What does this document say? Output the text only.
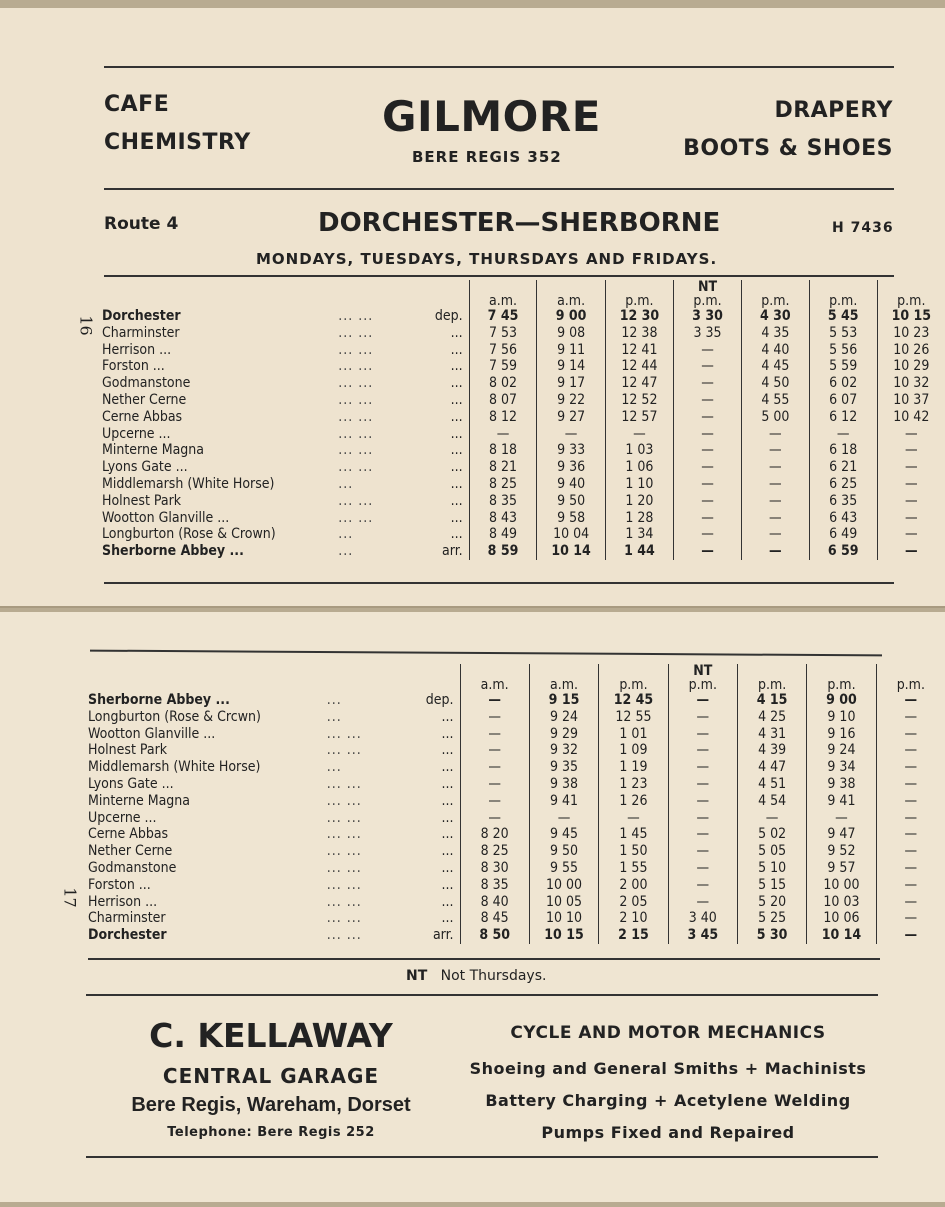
CAFE
CHEMISTRY
GILMORE
BERE REGIS 352
DRAPERY
BOOTS & SHOES
Route 4	DORCHESTER—SHERBORNE	H 7436
MONDAYS, TUESDAYS, THURSDAYS AND FRIDAYS.
16
						NT			
			a.m.	a.m.	p.m.	p.m.	p.m.	p.m.	p.m.
Dorchester	... ...	dep.	7 45	9 00	12 30	3 30	4 30	5 45	10 15
Charminster	... ...	...	7 53	9 08	12 38	3 35	4 35	5 53	10 23
Herrison ...	... ...	...	7 56	9 11	12 41	—	4 40	5 56	10 26
Forston ...	... ...	...	7 59	9 14	12 44	—	4 45	5 59	10 29
Godmanstone	... ...	...	8 02	9 17	12 47	—	4 50	6 02	10 32
Nether Cerne	... ...	...	8 07	9 22	12 52	—	4 55	6 07	10 37
Cerne Abbas	... ...	...	8 12	9 27	12 57	—	5 00	6 12	10 42
Upcerne ...	... ...	...	—	—	—	—	—	—	—
Minterne Magna	... ...	...	8 18	9 33	1 03	—	—	6 18	—
Lyons Gate ...	... ...	...	8 21	9 36	1 06	—	—	6 21	—
Middlemarsh (White Horse)	...	...	8 25	9 40	1 10	—	—	6 25	—
Holnest Park	... ...	...	8 35	9 50	1 20	—	—	6 35	—
Wootton Glanville ...	... ...	...	8 43	9 58	1 28	—	—	6 43	—
Longburton (Rose & Crown)	...	...	8 49	10 04	1 34	—	—	6 49	—
Sherborne Abbey ...	...	arr.	8 59	10 14	1 44	—	—	6 59	—
17
						NT			
			a.m.	a.m.	p.m.	p.m.	p.m.	p.m.	p.m.
Sherborne Abbey ...	...	dep.	—	9 15	12 45	—	4 15	9 00	—
Longburton (Rose & Crcwn)	...	...	—	9 24	12 55	—	4 25	9 10	—
Wootton Glanville ...	... ...	...	—	9 29	1 01	—	4 31	9 16	—
Holnest Park	... ...	...	—	9 32	1 09	—	4 39	9 24	—
Middlemarsh (White Horse)	...	...	—	9 35	1 19	—	4 47	9 34	—
Lyons Gate ...	... ...	...	—	9 38	1 23	—	4 51	9 38	—
Minterne Magna	... ...	...	—	9 41	1 26	—	4 54	9 41	—
Upcerne ...	... ...	...	—	—	—	—	—	—	—
Cerne Abbas	... ...	...	8 20	9 45	1 45	—	5 02	9 47	—
Nether Cerne	... ...	...	8 25	9 50	1 50	—	5 05	9 52	—
Godmanstone	... ...	...	8 30	9 55	1 55	—	5 10	9 57	—
Forston ...	... ...	...	8 35	10 00	2 00	—	5 15	10 00	—
Herrison ...	... ...	...	8 40	10 05	2 05	—	5 20	10 03	—
Charminster	... ...	...	8 45	10 10	2 10	3 40	5 25	10 06	—
Dorchester	... ...	arr.	8 50	10 15	2 15	3 45	5 30	10 14	—
NT Not Thursdays.
C. KELLAWAY
CENTRAL GARAGE
Bere Regis, Wareham, Dorset
Telephone: Bere Regis 252
CYCLE AND MOTOR MECHANICS
Shoeing and General Smiths + Machinists
Battery Charging + Acetylene Welding
Pumps Fixed and Repaired
